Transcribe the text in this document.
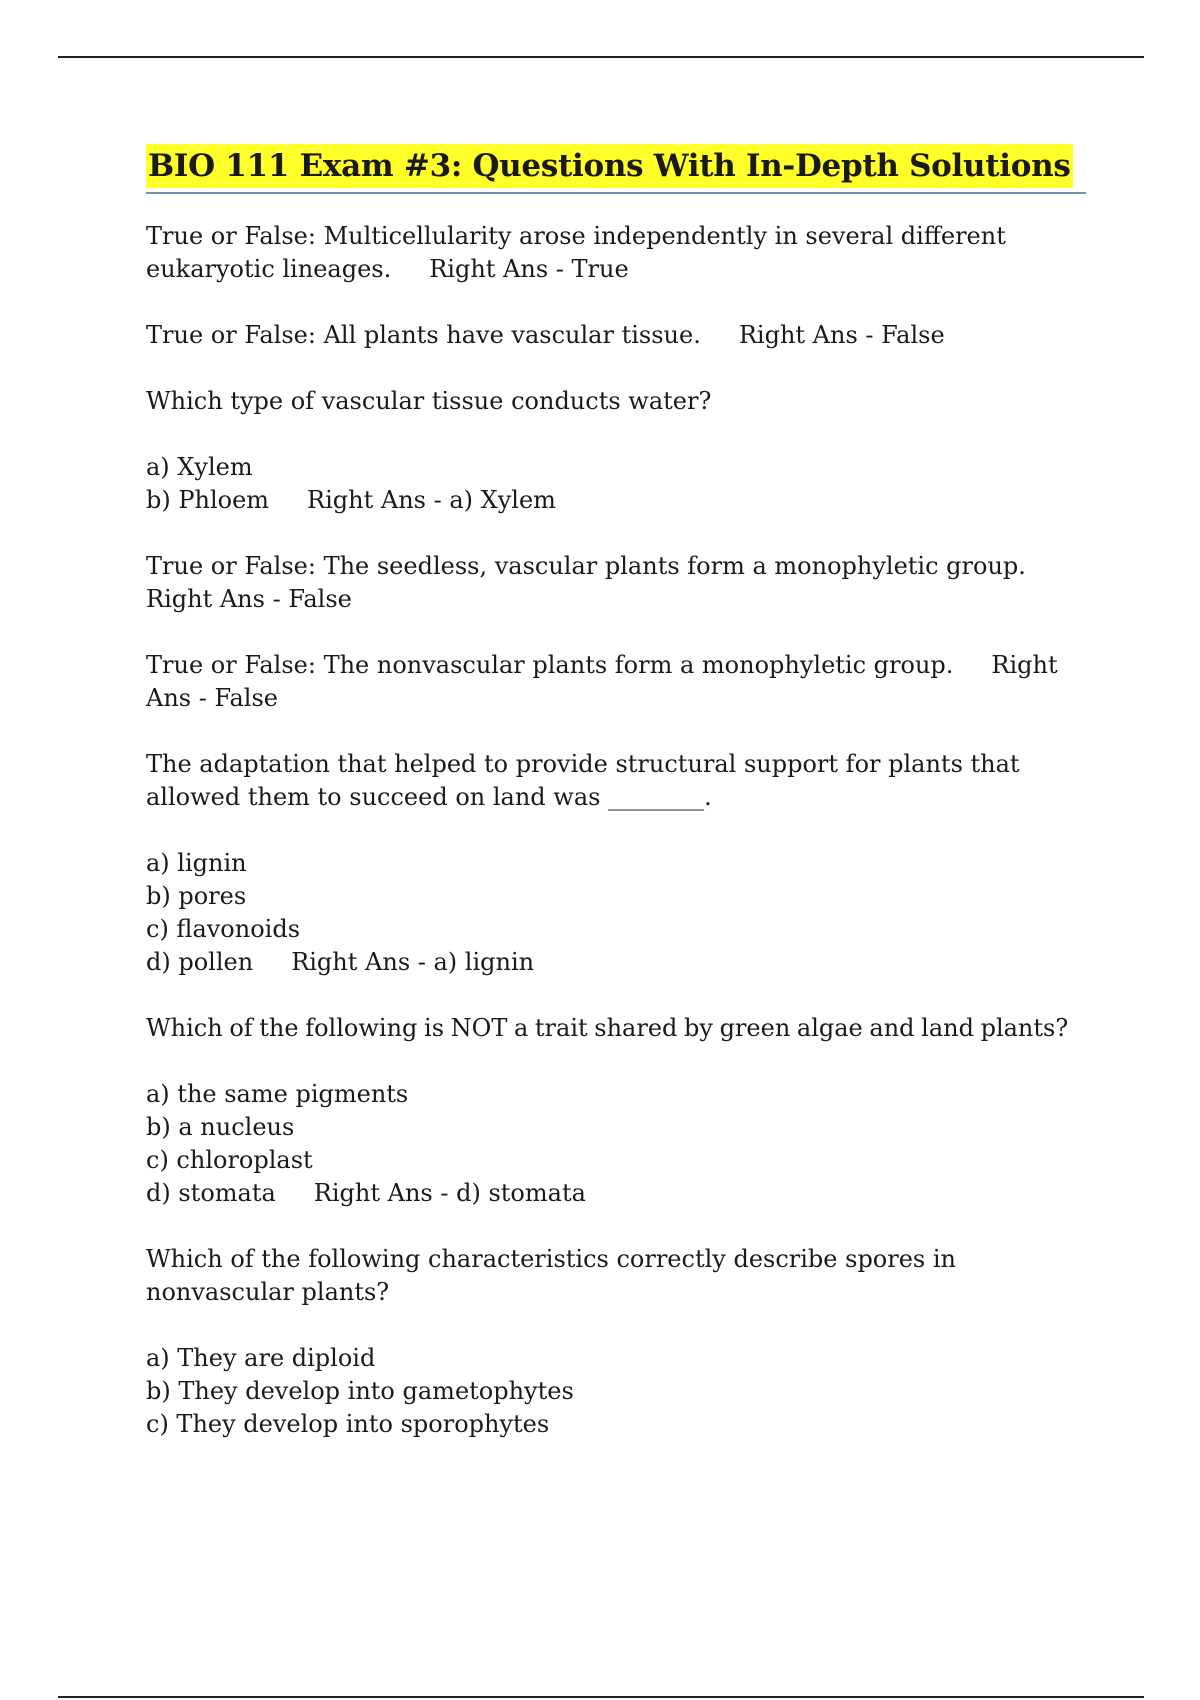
BIO 111 Exam #3: Questions With In-Depth Solutions
True or False: Multicellularity arose independently in several different
eukaryotic lineages. Right Ans - True
True or False: All plants have vascular tissue. Right Ans - False
Which type of vascular tissue conducts water?
a) Xylem
b) Phloem Right Ans - a) Xylem
True or False: The seedless, vascular plants form a monophyletic group.
Right Ans - False
True or False: The nonvascular plants form a monophyletic group. Right
Ans - False
The adaptation that helped to provide structural support for plants that
allowed them to succeed on land was ________.
a) lignin
b) pores
c) flavonoids
d) pollen Right Ans - a) lignin
Which of the following is NOT a trait shared by green algae and land plants?
a) the same pigments
b) a nucleus
c) chloroplast
d) stomata Right Ans - d) stomata
Which of the following characteristics correctly describe spores in
nonvascular plants?
a) They are diploid
b) They develop into gametophytes
c) They develop into sporophytes
